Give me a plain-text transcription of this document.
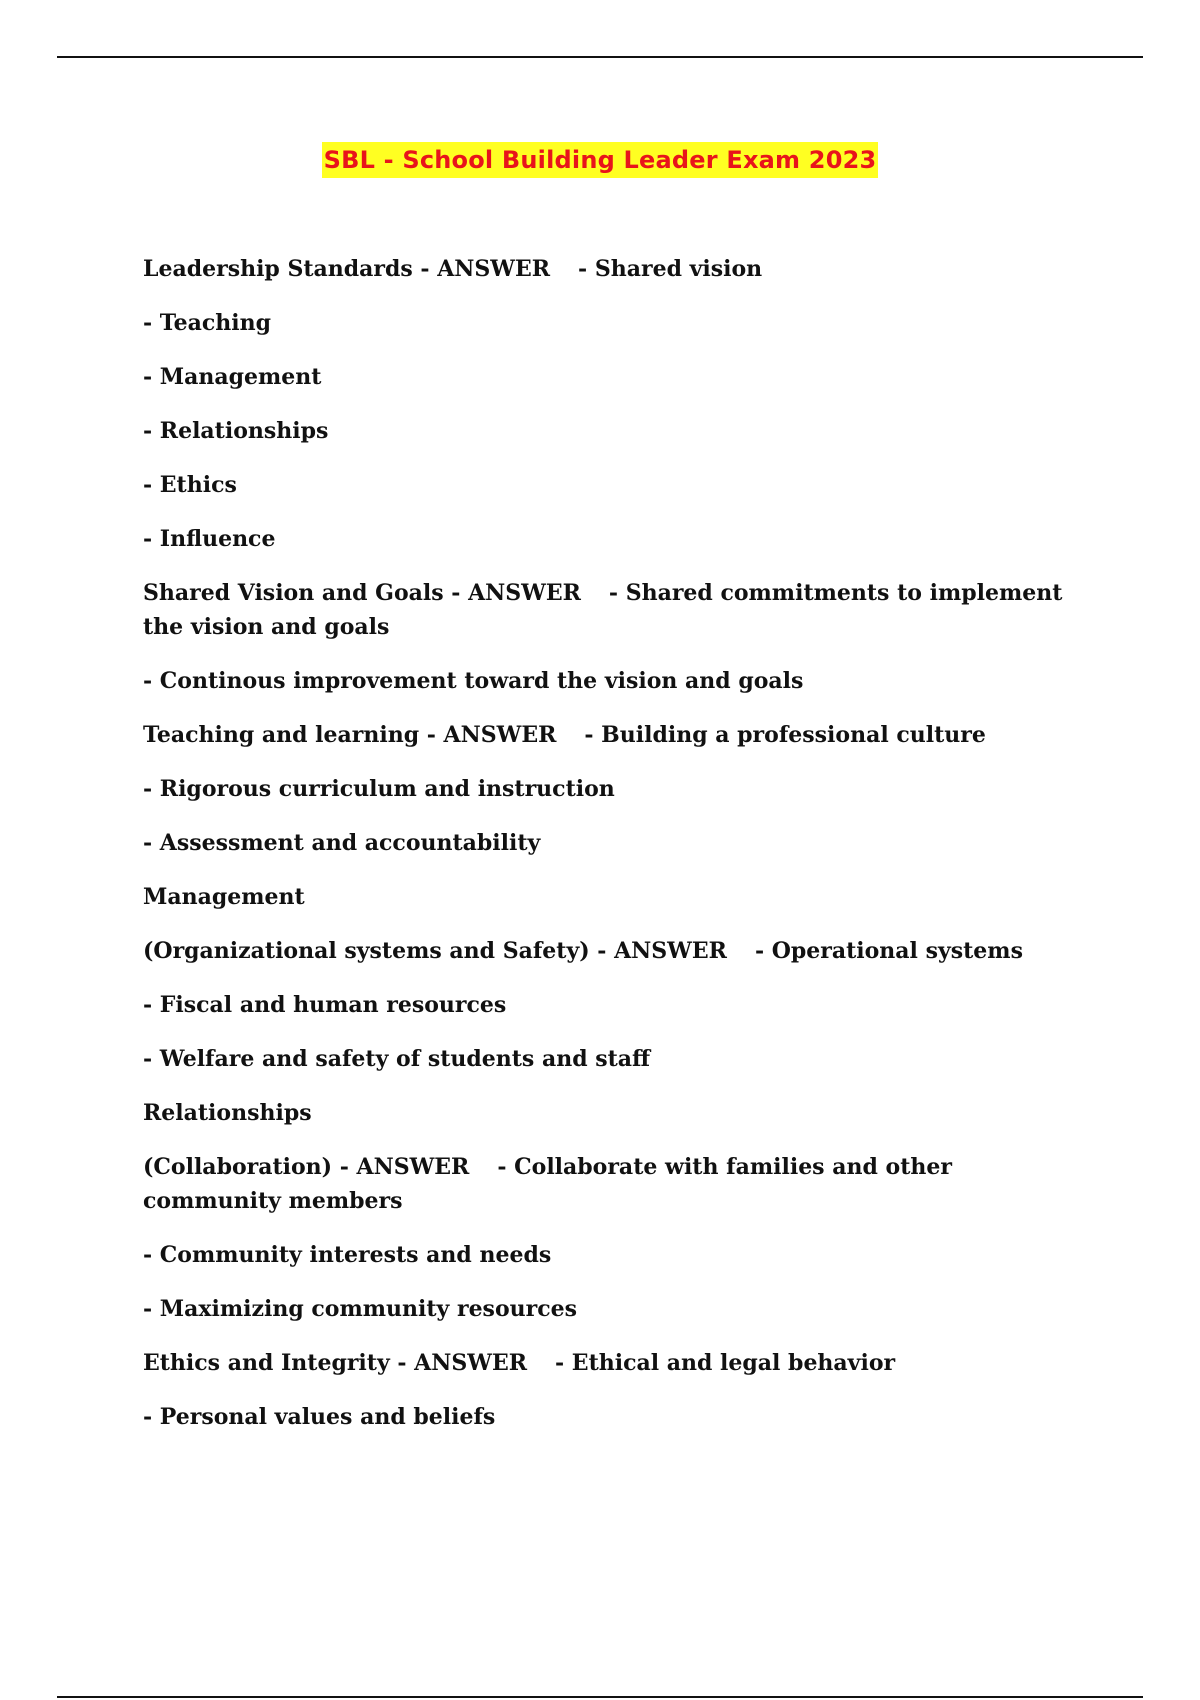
SBL - School Building Leader Exam 2023
Leadership Standards - ANSWER - Shared vision
- Teaching
- Management
- Relationships
- Ethics
- Influence
Shared Vision and Goals - ANSWER - Shared commitments to implement the vision and goals
- Continous improvement toward the vision and goals
Teaching and learning - ANSWER - Building a professional culture
- Rigorous curriculum and instruction
- Assessment and accountability
Management
(Organizational systems and Safety) - ANSWER - Operational systems
- Fiscal and human resources
- Welfare and safety of students and staff
Relationships
(Collaboration) - ANSWER - Collaborate with families and other community members
- Community interests and needs
- Maximizing community resources
Ethics and Integrity - ANSWER - Ethical and legal behavior
- Personal values and beliefs
